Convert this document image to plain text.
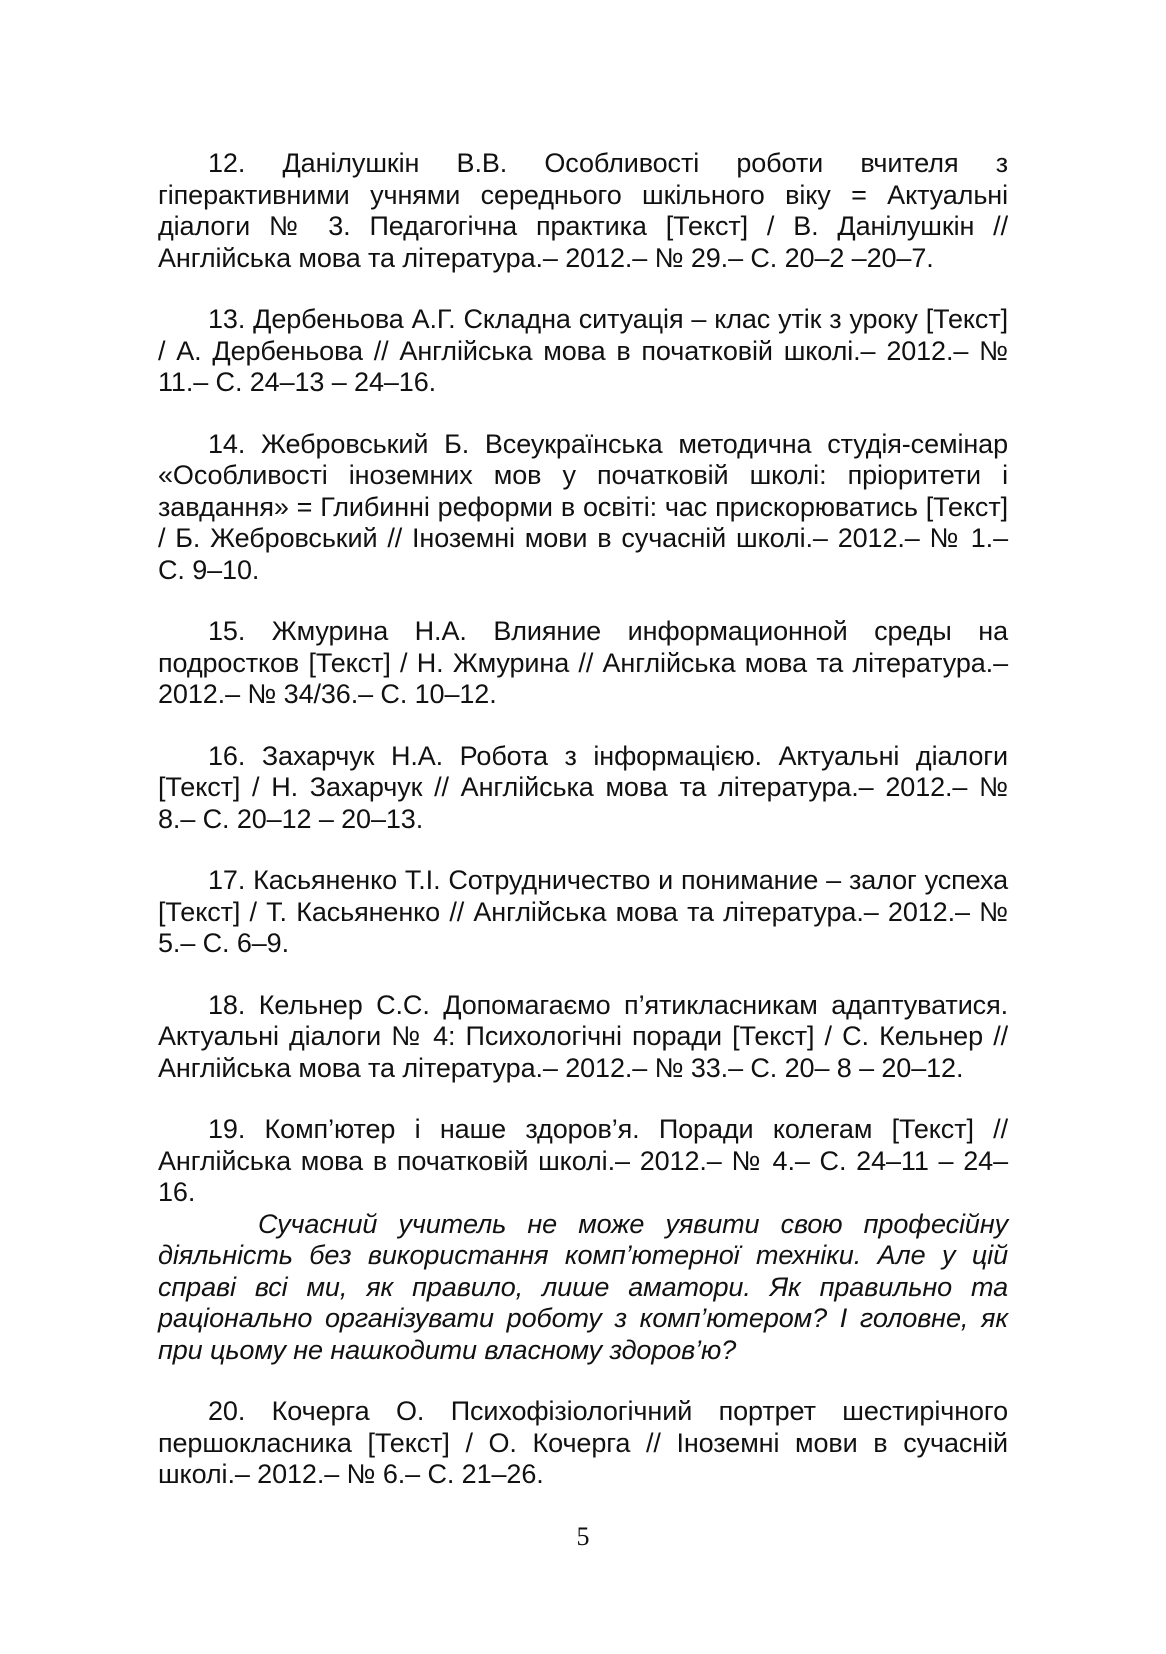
12. Данілушкін В.В. Особливості роботи вчителя з гіперактивними учнями середнього шкільного віку = Актуальні діалоги № 3. Педагогічна практика [Текст] / В. Данілушкін // Англійська мова та література.– 2012.– № 29.– С. 20–2 –20–7.

13. Дербеньова А.Г. Складна ситуація – клас утік з уроку [Текст] / А. Дербеньова // Англійська мова в початковій школі.– 2012.– № 11.– С. 24–13 – 24–16.

14. Жебровський Б. Всеукраїнська методична студія-семінар «Особливості іноземних мов у початковій школі: пріоритети і завдання» = Глибинні реформи в освіті: час прискорюватись [Текст] / Б. Жебровський // Іноземні мови в сучасній школі.– 2012.– № 1.– С. 9–10.

15. Жмурина Н.А. Влияние информационной среды на подростков [Текст] / Н. Жмурина // Англійська мова та література.– 2012.– № 34/36.– С. 10–12.

16. Захарчук Н.А. Робота з інформацією. Актуальні діалоги [Текст] / Н. Захарчук // Англійська мова та література.– 2012.– № 8.– С. 20–12 – 20–13.

17. Касьяненко Т.І. Сотрудничество и понимание – залог успеха [Текст] / Т. Касьяненко // Англійська мова та література.– 2012.– № 5.– С. 6–9.

18. Кельнер С.С. Допомагаємо п’ятикласникам адаптуватися. Актуальні діалоги № 4: Психологічні поради [Текст] / С. Кельнер // Англійська мова та література.– 2012.– № 33.– С. 20– 8 – 20–12.

19. Комп’ютер і наше здоров’я. Поради колегам [Текст] // Англійська мова в початковій школі.– 2012.– № 4.– С. 24–11 – 24–16.

Сучасний учитель не може уявити свою професійну діяльність без використання комп’ютерної техніки. Але у цій справі всі ми, як правило, лише аматори. Як правильно та раціонально організувати роботу з комп’ютером? І головне, як при цьому не нашкодити власному здоров’ю?

20. Кочерга О. Психофізіологічний портрет шестирічного першокласника [Текст] / О. Кочерга // Іноземні мови в сучасній школі.– 2012.– № 6.– С. 21–26.

5
